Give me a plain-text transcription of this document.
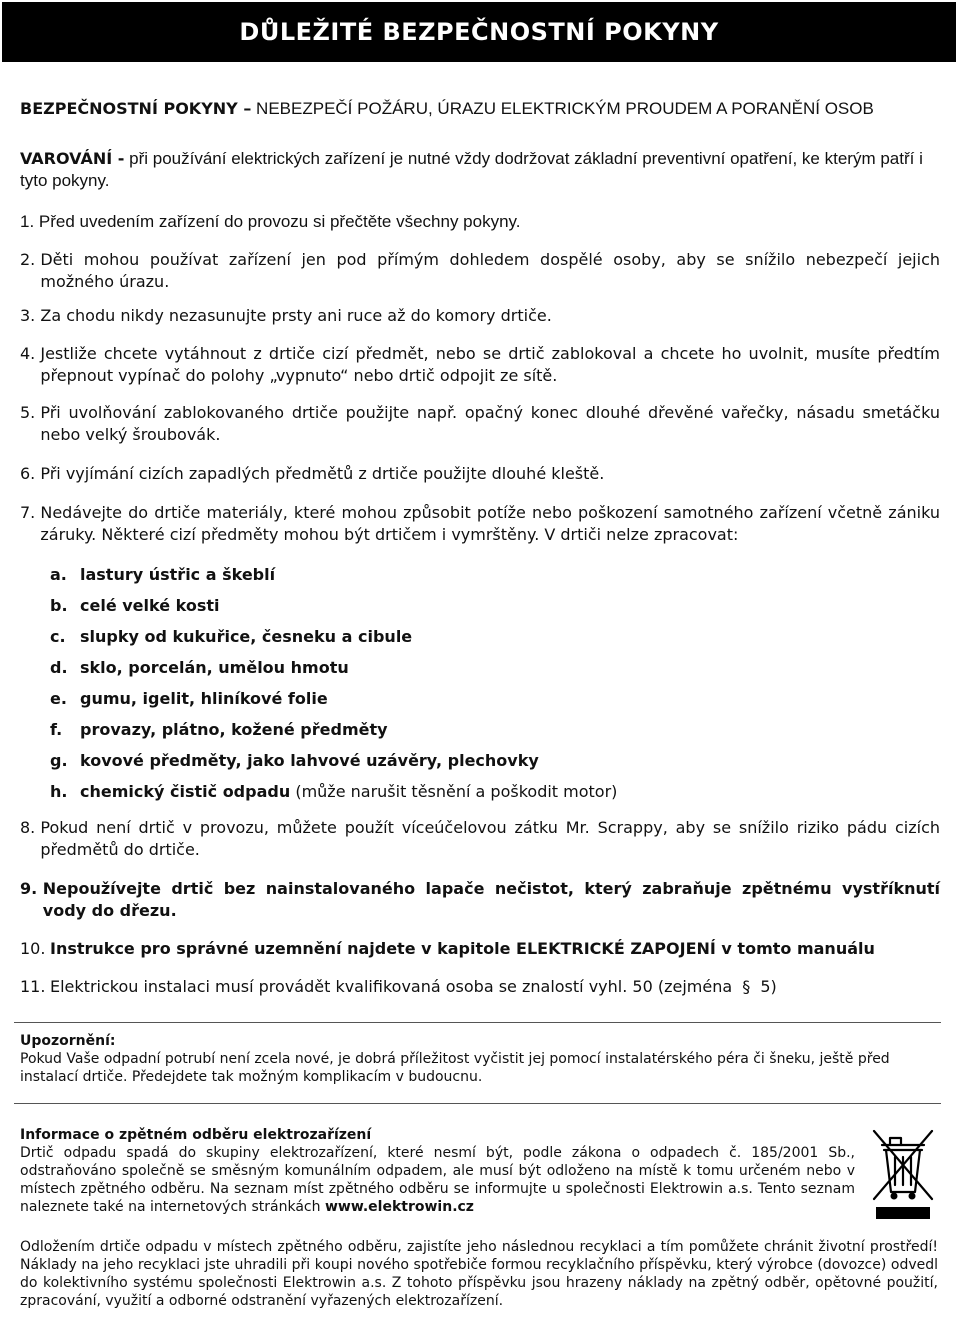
DŮLEŽITÉ BEZPEČNOSTNÍ POKYNY

BEZPEČNOSTNÍ POKYNY – NEBEZPEČÍ POŽÁRU, ÚRAZU ELEKTRICKÝM PROUDEM A PORANĚNÍ OSOB

VAROVÁNÍ - při používání elektrických zařízení je nutné vždy dodržovat základní preventivní opatření, ke kterým patří i tyto pokyny.

1. Před uvedením zařízení do provozu si přečtěte všechny pokyny.
2. Děti mohou používat zařízení jen pod přímým dohledem dospělé osoby, aby se snížilo nebezpečí jejich možného úrazu.
3. Za chodu nikdy nezasunujte prsty ani ruce až do komory drtiče.
4. Jestliže chcete vytáhnout z drtiče cizí předmět, nebo se drtič zablokoval a chcete ho uvolnit, musíte předtím přepnout vypínač do polohy „vypnuto“ nebo drtič odpojit ze sítě.
5. Při uvolňování zablokovaného drtiče použijte např. opačný konec dlouhé dřevěné vařečky, násadu smetáčku nebo velký šroubovák.
6. Při vyjímání cizích zapadlých předmětů z drtiče použijte dlouhé kleště.
7. Nedávejte do drtiče materiály, které mohou způsobit potíže nebo poškození samotného zařízení včetně zániku záruky. Některé cizí předměty mohou být drtičem i vymrštěny. V drtiči nelze zpracovat:
a. lastury ústřic a škeblí
b. celé velké kosti
c. slupky od kukuřice, česneku a cibule
d. sklo, porcelán, umělou hmotu
e. gumu, igelit, hliníkové folie
f.	provazy, plátno, kožené předměty
g. kovové předměty, jako lahvové uzávěry, plechovky
h. chemický čistič odpadu (může narušit těsnění a poškodit motor)
8. Pokud není drtič v provozu, můžete použít víceúčelovou zátku Mr. Scrappy, aby se snížilo riziko pádu cizích předmětů do drtiče.
9. Nepoužívejte drtič bez nainstalovaného lapače nečistot, který zabraňuje zpětnému vystříknutí vody do dřezu.
10. Instrukce pro správné uzemnění najdete v kapitole ELEKTRICKÉ ZAPOJENÍ v tomto manuálu
11. Elektrickou instalaci musí provádět kvalifikovaná osoba se znalostí vyhl. 50 (zejména § 5)

Upozornění:

Pokud Vaše odpadní potrubí není zcela nové, je dobrá příležitost vyčistit jej pomocí instalatérského péra či šneku, ještě před instalací drtiče. Předejdete tak možným komplikacím v budoucnu.

Informace o zpětném odběru elektrozařízení

Drtič odpadu spadá do skupiny elektrozařízení, které nesmí být, podle zákona o odpadech č. 185/2001 Sb., odstraňováno společně se směsným komunálním odpadem, ale musí být odloženo na místě k tomu určeném nebo v místech zpětného odběru. Na seznam míst zpětného odběru se informujte u společnosti Elektrowin a.s. Tento seznam naleznete také na internetových stránkách www.elektrowin.cz

Odložením drtiče odpadu v místech zpětného odběru, zajistíte jeho následnou recyklaci a tím pomůžete chránit životní prostředí! Náklady na jeho recyklaci jste uhradili při koupi nového spotřebiče formou recyklačního příspěvku, který výrobce (dovozce) odvedl do kolektivního systému společnosti Elektrowin a.s. Z tohoto příspěvku jsou hrazeny náklady na zpětný odběr, opětovné použití, zpracování, využití a odborné odstranění vyřazených elektrozařízení.
